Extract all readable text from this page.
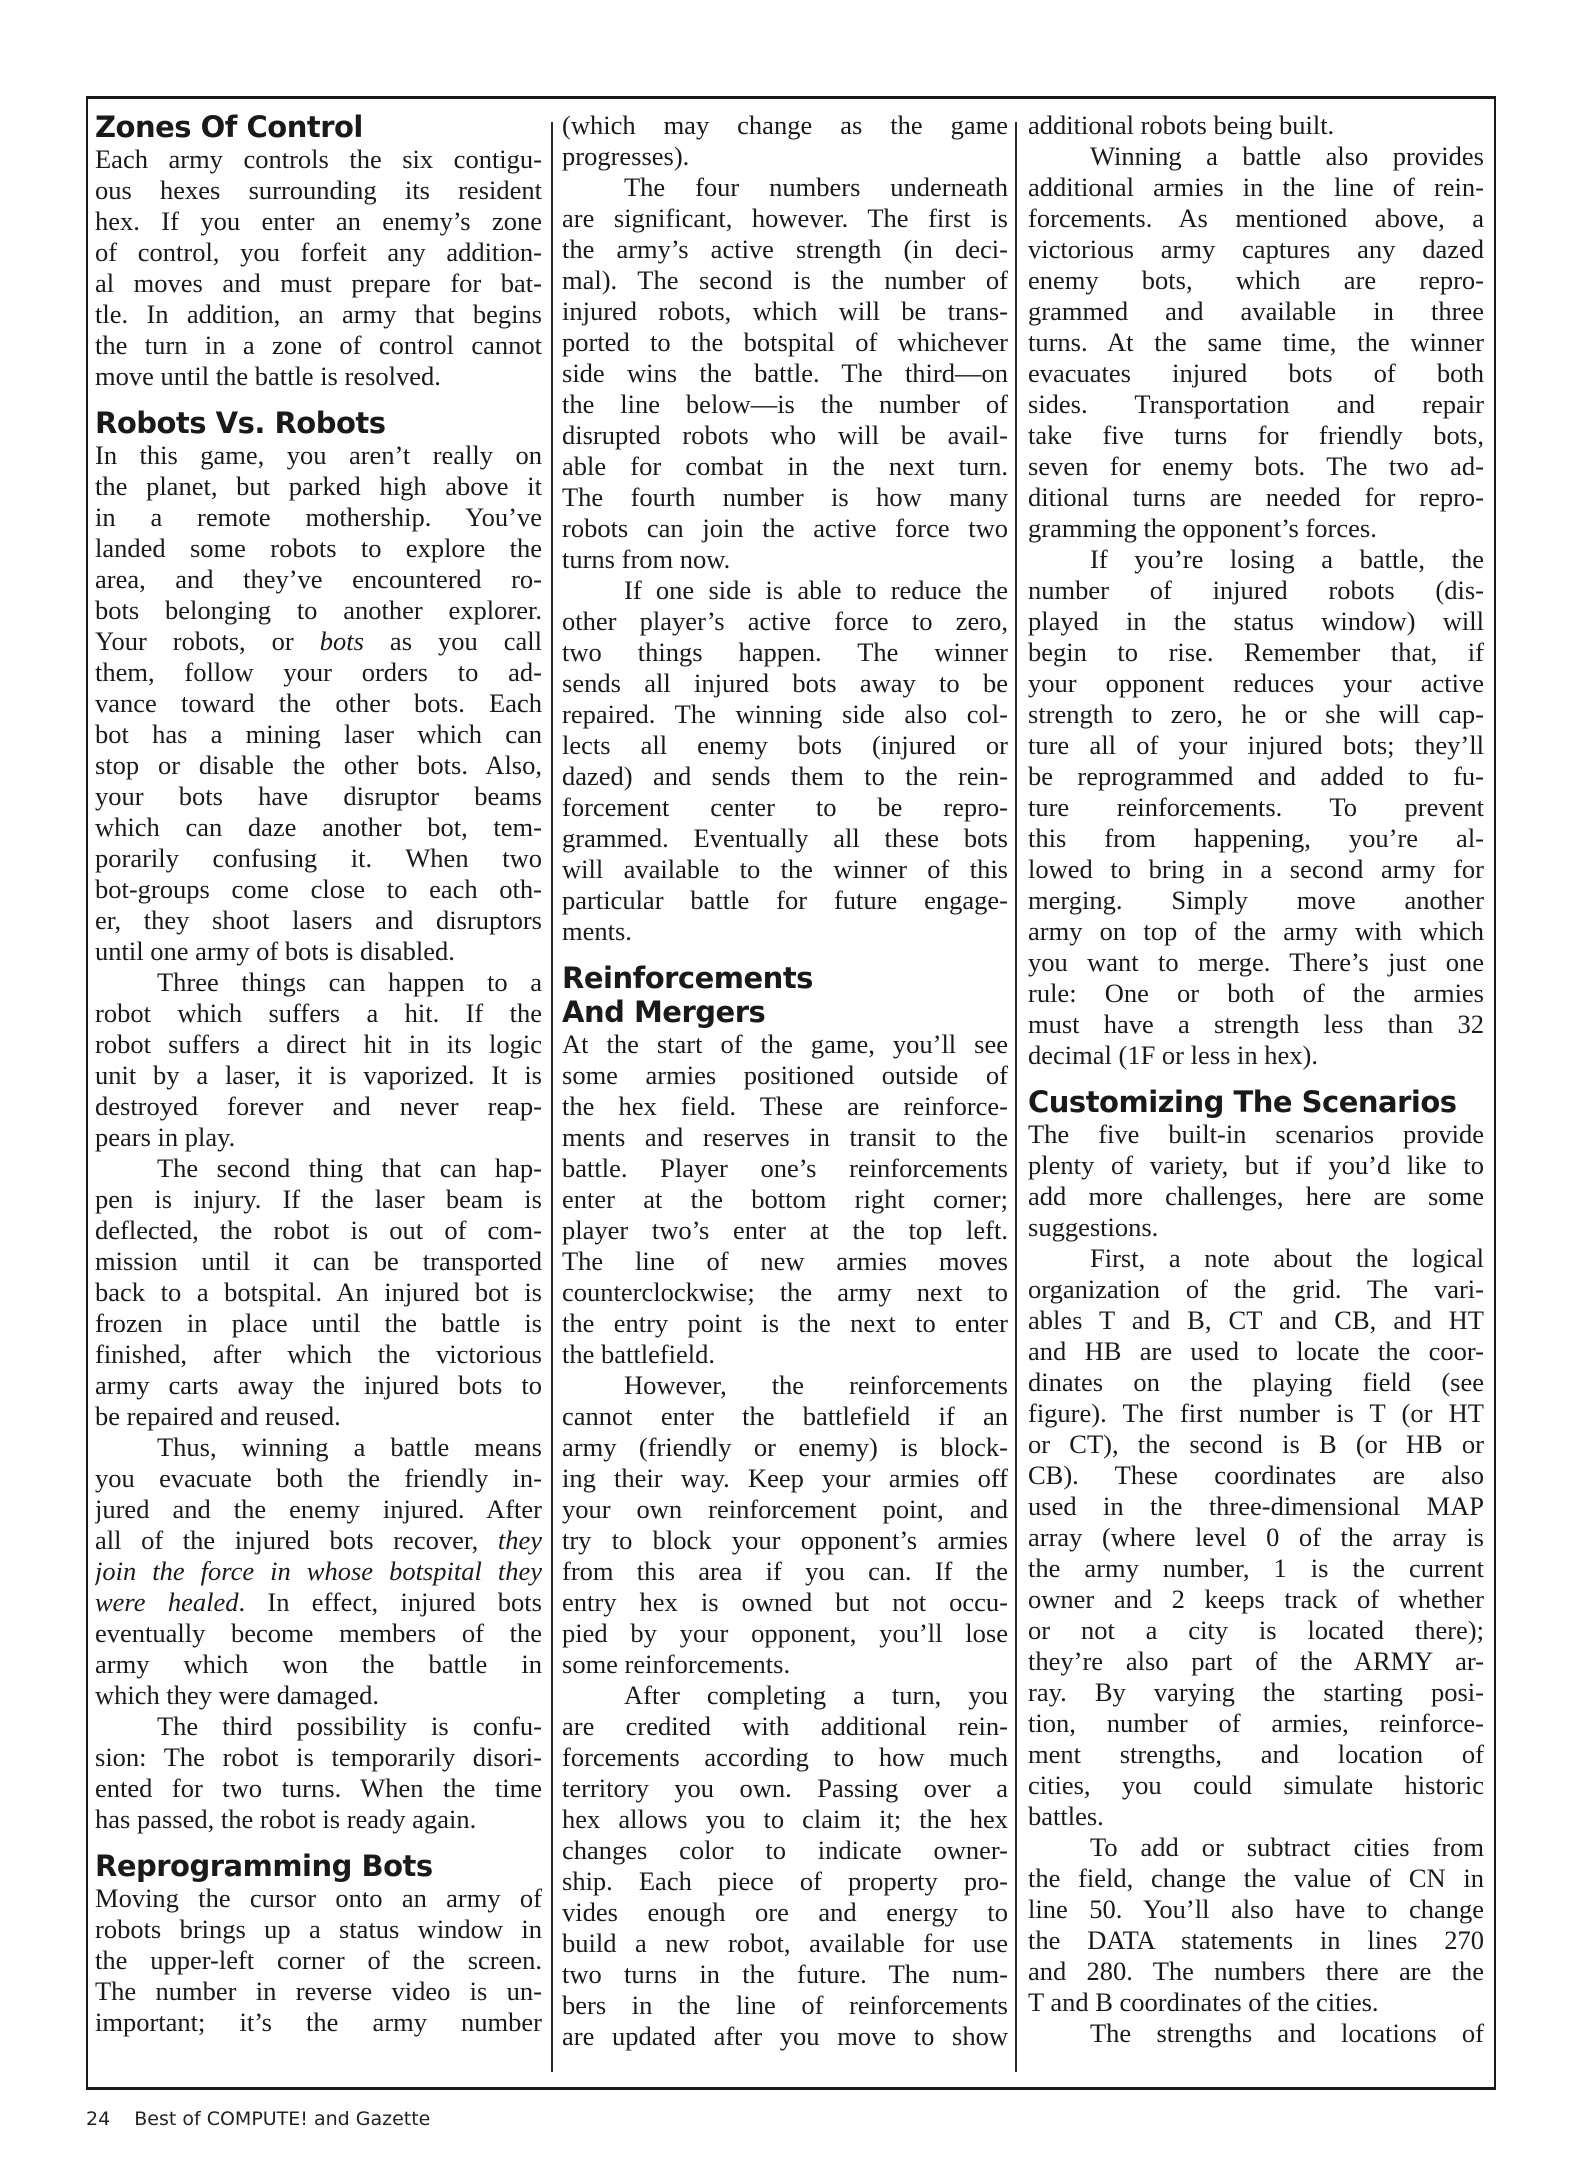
Zones Of Control
Each army controls the six contigu-
ous hexes surrounding its resident
hex. If you enter an enemy’s zone
of control, you forfeit any addition-
al moves and must prepare for bat-
tle. In addition, an army that begins
the turn in a zone of control cannot
move until the battle is resolved.
Robots Vs. Robots
In this game, you aren’t really on
the planet, but parked high above it
in a remote mothership. You’ve
landed some robots to explore the
area, and they’ve encountered ro-
bots belonging to another explorer.
Your robots, or bots as you call
them, follow your orders to ad-
vance toward the other bots. Each
bot has a mining laser which can
stop or disable the other bots. Also,
your bots have disruptor beams
which can daze another bot, tem-
porarily confusing it. When two
bot-groups come close to each oth-
er, they shoot lasers and disruptors
until one army of bots is disabled.
Three things can happen to a
robot which suffers a hit. If the
robot suffers a direct hit in its logic
unit by a laser, it is vaporized. It is
destroyed forever and never reap-
pears in play.
The second thing that can hap-
pen is injury. If the laser beam is
deflected, the robot is out of com-
mission until it can be transported
back to a botspital. An injured bot is
frozen in place until the battle is
finished, after which the victorious
army carts away the injured bots to
be repaired and reused.
Thus, winning a battle means
you evacuate both the friendly in-
jured and the enemy injured. After
all of the injured bots recover, they
join the force in whose botspital they
were healed. In effect, injured bots
eventually become members of the
army which won the battle in
which they were damaged.
The third possibility is confu-
sion: The robot is temporarily disori-
ented for two turns. When the time
has passed, the robot is ready again.
Reprogramming Bots
Moving the cursor onto an army of
robots brings up a status window in
the upper-left corner of the screen.
The number in reverse video is un-
important; it’s the army number
(which may change as the game
progresses).
The four numbers underneath
are significant, however. The first is
the army’s active strength (in deci-
mal). The second is the number of
injured robots, which will be trans-
ported to the botspital of whichever
side wins the battle. The third—on
the line below—is the number of
disrupted robots who will be avail-
able for combat in the next turn.
The fourth number is how many
robots can join the active force two
turns from now.
If one side is able to reduce the
other player’s active force to zero,
two things happen. The winner
sends all injured bots away to be
repaired. The winning side also col-
lects all enemy bots (injured or
dazed) and sends them to the rein-
forcement center to be repro-
grammed. Eventually all these bots
will available to the winner of this
particular battle for future engage-
ments.
Reinforcements
And Mergers
At the start of the game, you’ll see
some armies positioned outside of
the hex field. These are reinforce-
ments and reserves in transit to the
battle. Player one’s reinforcements
enter at the bottom right corner;
player two’s enter at the top left.
The line of new armies moves
counterclockwise; the army next to
the entry point is the next to enter
the battlefield.
However, the reinforcements
cannot enter the battlefield if an
army (friendly or enemy) is block-
ing their way. Keep your armies off
your own reinforcement point, and
try to block your opponent’s armies
from this area if you can. If the
entry hex is owned but not occu-
pied by your opponent, you’ll lose
some reinforcements.
After completing a turn, you
are credited with additional rein-
forcements according to how much
territory you own. Passing over a
hex allows you to claim it; the hex
changes color to indicate owner-
ship. Each piece of property pro-
vides enough ore and energy to
build a new robot, available for use
two turns in the future. The num-
bers in the line of reinforcements
are updated after you move to show
additional robots being built.
Winning a battle also provides
additional armies in the line of rein-
forcements. As mentioned above, a
victorious army captures any dazed
enemy bots, which are repro-
grammed and available in three
turns. At the same time, the winner
evacuates injured bots of both
sides. Transportation and repair
take five turns for friendly bots,
seven for enemy bots. The two ad-
ditional turns are needed for repro-
gramming the opponent’s forces.
If you’re losing a battle, the
number of injured robots (dis-
played in the status window) will
begin to rise. Remember that, if
your opponent reduces your active
strength to zero, he or she will cap-
ture all of your injured bots; they’ll
be reprogrammed and added to fu-
ture reinforcements. To prevent
this from happening, you’re al-
lowed to bring in a second army for
merging. Simply move another
army on top of the army with which
you want to merge. There’s just one
rule: One or both of the armies
must have a strength less than 32
decimal (1F or less in hex).
Customizing The Scenarios
The five built-in scenarios provide
plenty of variety, but if you’d like to
add more challenges, here are some
suggestions.
First, a note about the logical
organization of the grid. The vari-
ables T and B, CT and CB, and HT
and HB are used to locate the coor-
dinates on the playing field (see
figure). The first number is T (or HT
or CT), the second is B (or HB or
CB). These coordinates are also
used in the three-dimensional MAP
array (where level 0 of the array is
the army number, 1 is the current
owner and 2 keeps track of whether
or not a city is located there);
they’re also part of the ARMY ar-
ray. By varying the starting posi-
tion, number of armies, reinforce-
ment strengths, and location of
cities, you could simulate historic
battles.
To add or subtract cities from
the field, change the value of CN in
line 50. You’ll also have to change
the DATA statements in lines 270
and 280. The numbers there are the
T and B coordinates of the cities.
The strengths and locations of
24 Best of COMPUTE! and Gazette
